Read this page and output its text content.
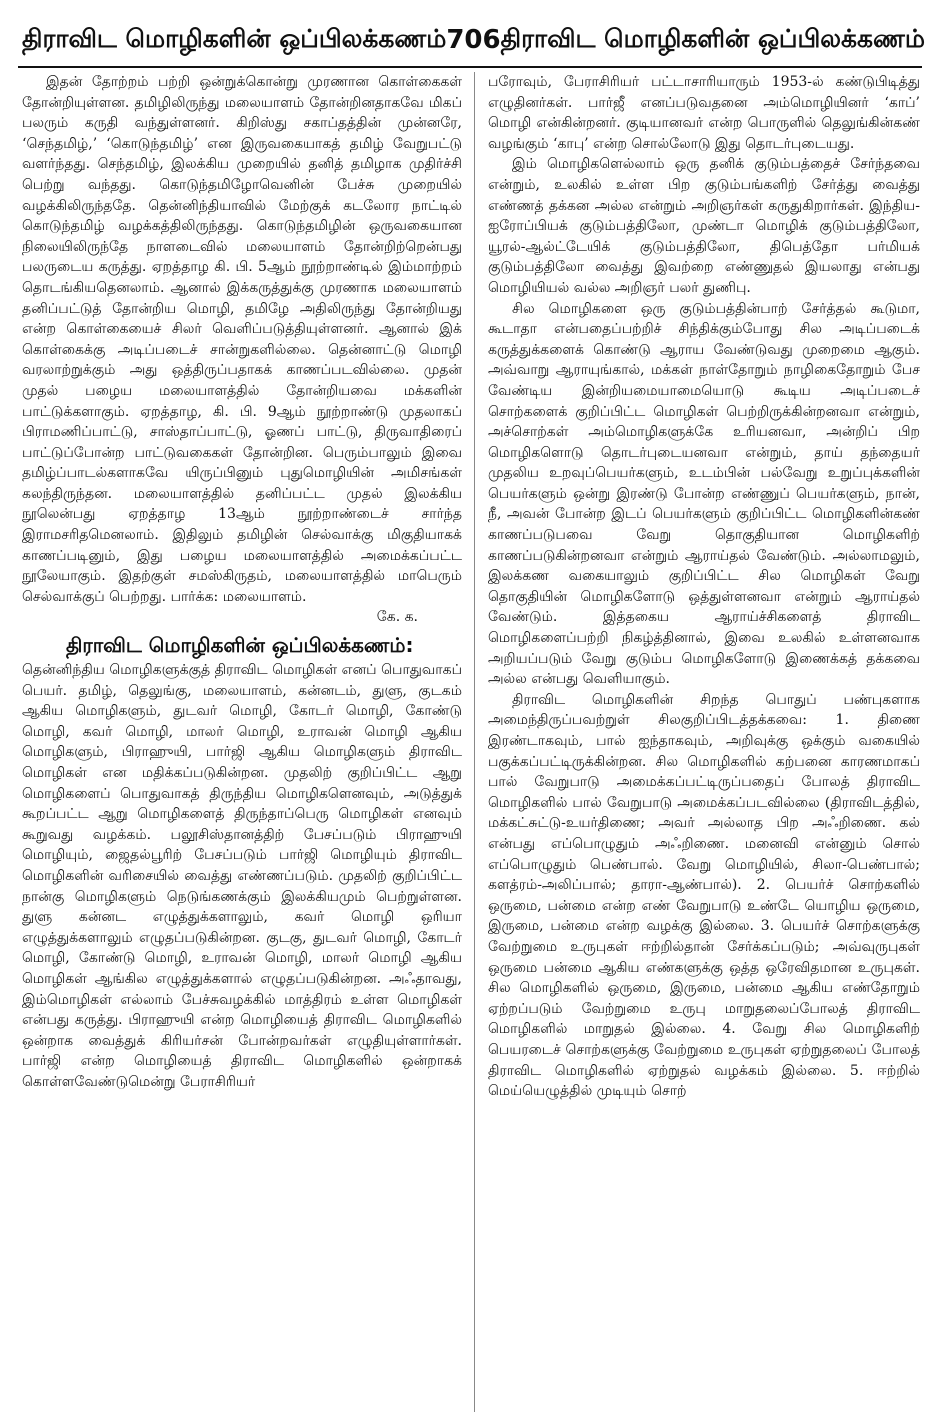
திராவிட மொழிகளின் ஒப்பிலக்கணம் 706 திராவிட மொழிகளின் ஒப்பிலக்கணம்

இதன் தோற்றம் பற்றி ஒன்றுக்கொன்று முரணான கொள்கைகள் தோன்றியுள்ளன. தமிழிலிருந்து மலையாளம் தோன்றினதாகவே மிகப் பலரும் கருதி வந்துள்ளனர். கிறிஸ்து சகாப்தத்தின் முன்னரே, ‘செந்தமிழ்,’ ‘கொடுந்தமிழ்’ என இருவகையாகத் தமிழ் வேறுபட்டு வளர்ந்தது. செந்தமிழ், இலக்கிய முறையில் தனித் தமிழாக முதிர்ச்சி பெற்று வந்தது. கொடுந்தமிழோவெனின் பேச்சு முறையில் வழக்கிலிருந்ததே. தென்னிந்தியாவில் மேற்குக் கடலோர நாட்டில் கொடுந்தமிழ் வழக்கத்திலிருந்தது. கொடுந்தமிழின் ஒருவகையான நிலையிலிருந்தே நாளடைவில் மலையாளம் தோன்றிற்றென்பது பலருடைய கருத்து. ஏறத்தாழ கி. பி. 5ஆம் நூற்றாண்டில் இம்மாற்றம் தொடங்கியதெனலாம். ஆனால் இக்கருத்துக்கு முரணாக மலையாளம் தனிப்பட்டுத் தோன்றிய மொழி, தமிழே அதிலிருந்து தோன்றியது என்ற கொள்கையைச் சிலர் வெளிப்படுத்தியுள்ளனர். ஆனால் இக் கொள்கைக்கு அடிப்படைச் சான்றுகளில்லை. தென்னாட்டு மொழி வரலாற்றுக்கும் அது ஒத்திருப்பதாகக் காணப்படவில்லை. முதன் முதல் பழைய மலையாளத்தில் தோன்றியவை மக்களின் பாட்டுக்களாகும். ஏறத்தாழ, கி. பி. 9ஆம் நூற்றாண்டு முதலாகப் பிராமணிப்பாட்டு, சாஸ்தாப்பாட்டு, ஓணப் பாட்டு, திருவாதிரைப் பாட்டுப்போன்ற பாட்டுவகைகள் தோன்றின. பெரும்பாலும் இவை தமிழ்ப்பாடல்களாகவே யிருப்பினும் புதுமொழியின் அமிசங்கள் கலந்திருந்தன. மலையாளத்தில் தனிப்பட்ட முதல் இலக்கிய நூலென்பது ஏறத்தாழ 13ஆம் நூற்றாண்டைச் சார்ந்த இராமசரிதமெனலாம். இதிலும் தமிழின் செல்வாக்கு மிகுதியாகக் காணப்படினும், இது பழைய மலையாளத்தில் அமைக்கப்பட்ட நூலேயாகும். இதற்குள் சமஸ்கிருதம், மலையாளத்தில் மாபெரும் செல்வாக்குப் பெற்றது. பார்க்க: மலையாளம்.

கே. க.
திராவிட மொழிகளின் ஒப்பிலக்கணம்:

தென்னிந்திய மொழிகளுக்குத் திராவிட மொழிகள் எனப் பொதுவாகப் பெயர். தமிழ், தெலுங்கு, மலையாளம், கன்னடம், துளு, குடகம் ஆகிய மொழிகளும், துடவர் மொழி, கோடர் மொழி, கோண்டு மொழி, கவர் மொழி, மாலர் மொழி, உராவன் மொழி ஆகிய மொழிகளும், பிராஹுயி, பார்ஜி ஆகிய மொழிகளும் திராவிட மொழிகள் என மதிக்கப்படுகின்றன. முதலிற் குறிப்பிட்ட ஆறு மொழிகளைப் பொதுவாகத் திருந்திய மொழிகளெனவும், அடுத்துக் கூறப்பட்ட ஆறு மொழிகளைத் திருந்தாப்பெரு மொழிகள் எனவும் கூறுவது வழக்கம். பலூசிஸ்தானத்திற் பேசப்படும் பிராஹுயி மொழியும், ஜைதல்பூரிற் பேசப்படும் பார்ஜி மொழியும் திராவிட மொழிகளின் வரிசையில் வைத்து எண்ணப்படும். முதலிற் குறிப்பிட்ட நான்கு மொழிகளும் நெடுங்கணக்கும் இலக்கியமும் பெற்றுள்ளன. துளு கன்னட எழுத்துக்களாலும், கவர் மொழி ஒரியா எழுத்துக்களாலும் எழுதப்படுகின்றன. குடகு, துடவர் மொழி, கோடர் மொழி, கோண்டு மொழி, உராவன் மொழி, மாலர் மொழி ஆகிய மொழிகள் ஆங்கில எழுத்துக்களால் எழுதப்படுகின்றன. அஃதாவது, இம்மொழிகள் எல்லாம் பேச்சுவழக்கில் மாத்திரம் உள்ள மொழிகள் என்பது கருத்து. பிராஹுயி என்ற மொழியைத் திராவிட மொழிகளில் ஒன்றாக வைத்துக் கிரியர்சன் போன்றவர்கள் எழுதியுள்ளார்கள். பார்ஜி என்ற மொழியைத் திராவிட மொழிகளில் ஒன்றாகக் கொள்ளவேண்டுமென்று பேராசிரியர்

பரோவும், பேராசிரியர் பட்டாசாரியாரும் 1953-ல் கண்டுபிடித்து எழுதினர்கள். பார்ஜீ எனப்படுவதனை அம்மொழியினர் ‘காப்’ மொழி என்கின்றனர். குடியானவர் என்ற பொருளில் தெலுங்கின்கண் வழங்கும் ‘காபு’ என்ற சொல்லோடு இது தொடர்புடையது.

இம் மொழிகளெல்லாம் ஒரு தனிக் குடும்பத்தைச் சேர்ந்தவை என்றும், உலகில் உள்ள பிற குடும்பங்களிற் சேர்த்து வைத்து எண்ணத் தக்கன அல்ல என்றும் அறிஞர்கள் கருதுகிறார்கள். இந்திய-ஐரோப்பியக் குடும்பத்திலோ, முண்டா மொழிக் குடும்பத்திலோ, யூரல்-ஆல்ட்டேயிக் குடும்பத்திலோ, திபெத்தோ பர்மியக் குடும்பத்திலோ வைத்து இவற்றை எண்ணுதல் இயலாது என்பது மொழியியல் வல்ல அறிஞர் பலர் துணிபு.

சில மொழிகளை ஒரு குடும்பத்தின்பாற் சேர்த்தல் கூடுமா, கூடாதா என்பதைப்பற்றிச் சிந்திக்கும்போது சில அடிப்படைக் கருத்துக்களைக் கொண்டு ஆராய வேண்டுவது முறைமை ஆகும். அவ்வாறு ஆராயுங்கால், மக்கள் நாள்தோறும் நாழிகைதோறும் பேச வேண்டிய இன்றியமையாமையொடு கூடிய அடிப்படைச் சொற்களைக் குறிப்பிட்ட மொழிகள் பெற்றிருக்கின்றனவா என்றும், அச்சொற்கள் அம்மொழிகளுக்கே உரியனவா, அன்றிப் பிற மொழிகளொடு தொடர்புடையனவா என்றும், தாய் தந்தையர் முதலிய உறவுப்பெயர்களும், உடம்பின் பல்வேறு உறுப்புக்களின் பெயர்களும் ஒன்று இரண்டு போன்ற எண்ணுப் பெயர்களும், நான், நீ, அவன் போன்ற இடப் பெயர்களும் குறிப்பிட்ட மொழிகளின்கண் காணப்படுபவை வேறு தொகுதியான மொழிகளிற் காணப்படுகின்றனவா என்றும் ஆராய்தல் வேண்டும். அல்லாமலும், இலக்கண வகையாலும் குறிப்பிட்ட சில மொழிகள் வேறு தொகுதியின் மொழிகளோடு ஒத்துள்ளனவா என்றும் ஆராய்தல் வேண்டும். இத்தகைய ஆராய்ச்சிகளைத் திராவிட மொழிகளைப்பற்றி நிகழ்த்தினால், இவை உலகில் உள்ளனவாக அறியப்படும் வேறு குடும்ப மொழிகளோடு இணைக்கத் தக்கவை அல்ல என்பது வெளியாகும்.

திராவிட மொழிகளின் சிறந்த பொதுப் பண்புகளாக அமைந்திருப்பவற்றுள் சிலகுறிப்பிடத்தக்கவை: 1. திணை இரண்டாகவும், பால் ஐந்தாகவும், அறிவுக்கு ஒக்கும் வகையில் பகுக்கப்பட்டிருக்கின்றன. சில மொழிகளில் கற்பனை காரணமாகப் பால் வேறுபாடு அமைக்கப்பட்டிருப்பதைப் போலத் திராவிட மொழிகளில் பால் வேறுபாடு அமைக்கப்படவில்லை (திராவிடத்தில், மக்கட்சுட்டு-உயர்திணை; அவர் அல்லாத பிற அஃறிணை. கல் என்பது எப்பொழுதும் அஃறிணை. மனைவி என்னும் சொல் எப்பொழுதும் பெண்பால். வேறு மொழியில், சிலா-பெண்பால்; களத்ரம்-அலிப்பால்; தாரா-ஆண்பால்). 2. பெயர்ச் சொற்களில் ஒருமை, பன்மை என்ற எண் வேறுபாடு உண்டே யொழிய ஒருமை, இருமை, பன்மை என்ற வழக்கு இல்லை. 3. பெயர்ச் சொற்களுக்கு வேற்றுமை உருபுகள் ஈற்றில்தான் சேர்க்கப்படும்; அவ்வுருபுகள் ஒருமை பன்மை ஆகிய எண்களுக்கு ஒத்த ஒரேவிதமான உருபுகள். சில மொழிகளில் ஒருமை, இருமை, பன்மை ஆகிய எண்தோறும் ஏற்றப்படும் வேற்றுமை உருபு மாறுதலைப்போலத் திராவிட மொழிகளில் மாறுதல் இல்லை. 4. வேறு சில மொழிகளிற் பெயரடைச் சொற்களுக்கு வேற்றுமை உருபுகள் ஏற்றுதலைப் போலத் திராவிட மொழிகளில் ஏற்றுதல் வழக்கம் இல்லை. 5. ஈற்றில் மெய்யெழுத்தில் முடியும் சொற்
